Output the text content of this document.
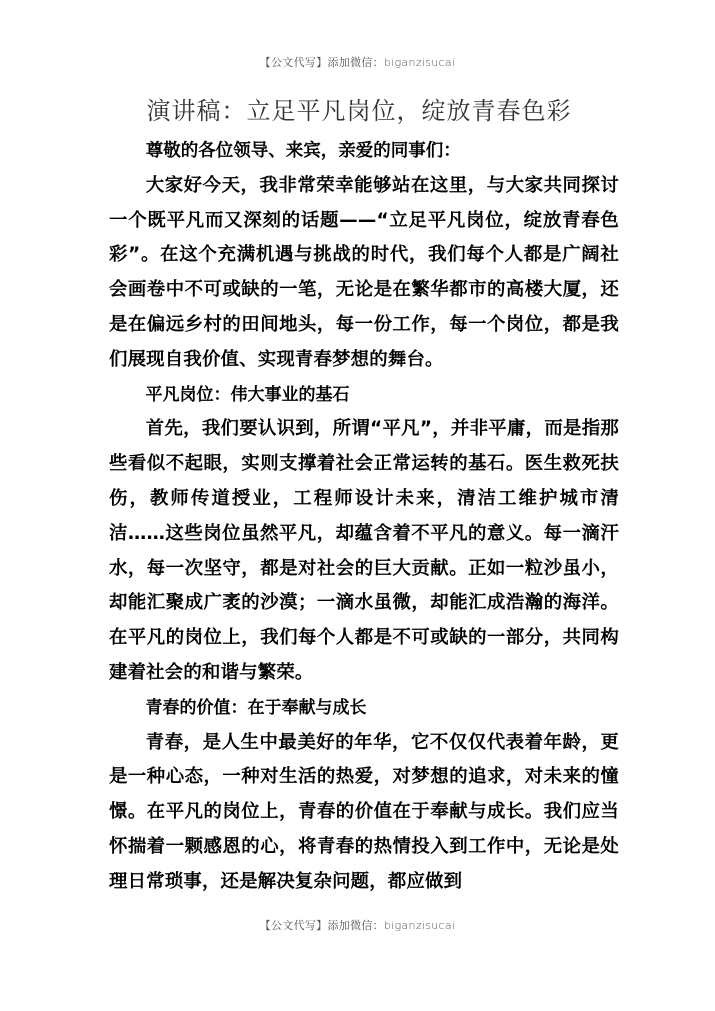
【公文代写】添加微信：biganzisucai
演讲稿：立足平凡岗位，绽放青春色彩

尊敬的各位领导、来宾，亲爱的同事们：

大家好今天，我非常荣幸能够站在这里，与大家共同探讨一个既平凡而又深刻的话题——“立足平凡岗位，绽放青春色彩”。在这个充满机遇与挑战的时代，我们每个人都是广阔社会画卷中不可或缺的一笔，无论是在繁华都市的高楼大厦，还是在偏远乡村的田间地头，每一份工作，每一个岗位，都是我们展现自我价值、实现青春梦想的舞台。

平凡岗位：伟大事业的基石

首先，我们要认识到，所谓“平凡”，并非平庸，而是指那些看似不起眼，实则支撑着社会正常运转的基石。医生救死扶伤，教师传道授业，工程师设计未来，清洁工维护城市清洁……这些岗位虽然平凡，却蕴含着不平凡的意义。每一滴汗水，每一次坚守，都是对社会的巨大贡献。正如一粒沙虽小，却能汇聚成广袤的沙漠；一滴水虽微，却能汇成浩瀚的海洋。在平凡的岗位上，我们每个人都是不可或缺的一部分，共同构建着社会的和谐与繁荣。

青春的价值：在于奉献与成长

青春，是人生中最美好的年华，它不仅仅代表着年龄，更是一种心态，一种对生活的热爱，对梦想的追求，对未来的憧憬。在平凡的岗位上，青春的价值在于奉献与成长。我们应当怀揣着一颗感恩的心，将青春的热情投入到工作中，无论是处理日常琐事，还是解决复杂问题，都应做到

【公文代写】添加微信：biganzisucai
